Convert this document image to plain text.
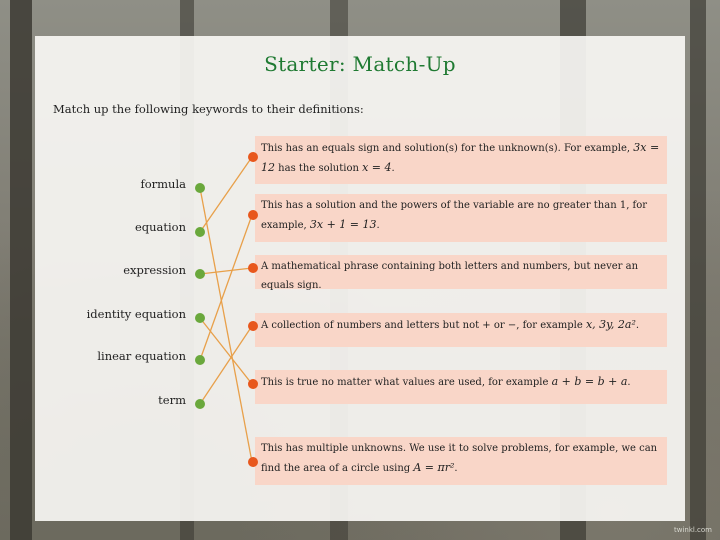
Starter: Match-Up
Match up the following keywords to their definitions:
formula
equation
expression
identity equation
linear equation
term
This has an equals sign and solution(s) for the unknown(s). For example, 3x = 12 has the solution x = 4.
This has a solution and the powers of the variable are no greater than 1, for example, 3x + 1 = 13.
A mathematical phrase containing both letters and numbers, but never an equals sign.
A collection of numbers and letters but not + or −, for example x, 3y, 2a².
This is true no matter what values are used, for example a + b = b + a.
This has multiple unknowns. We use it to solve problems, for example, we can find the area of a circle using A = πr².
twinkl.com
